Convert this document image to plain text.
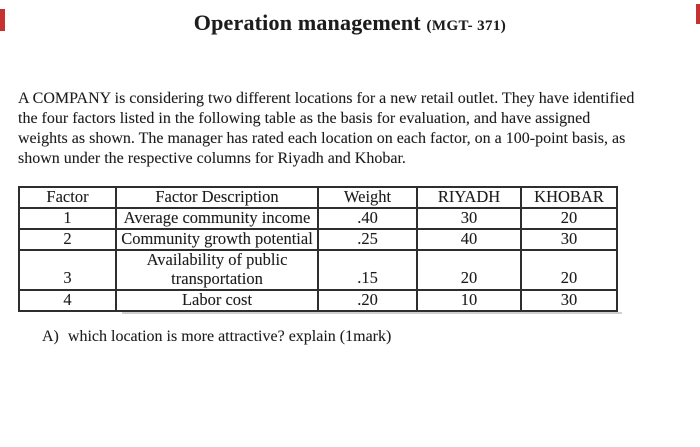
Operation management (MGT- 371)
A COMPANY is considering two different locations for a new retail outlet. They have identified
the four factors listed in the following table as the basis for evaluation, and have assigned
weights as shown. The manager has rated each location on each factor, on a 100-point basis, as
shown under the respective columns for Riyadh and Khobar.
Factor	Factor Description	Weight	RIYADH	KHOBAR
1	Average community income	.40	30	20
2	Community growth potential	.25	40	30
3	Availability of public transportation	.15	20	20
4	Labor cost	.20	10	30
A) which location is more attractive? explain (1mark)
